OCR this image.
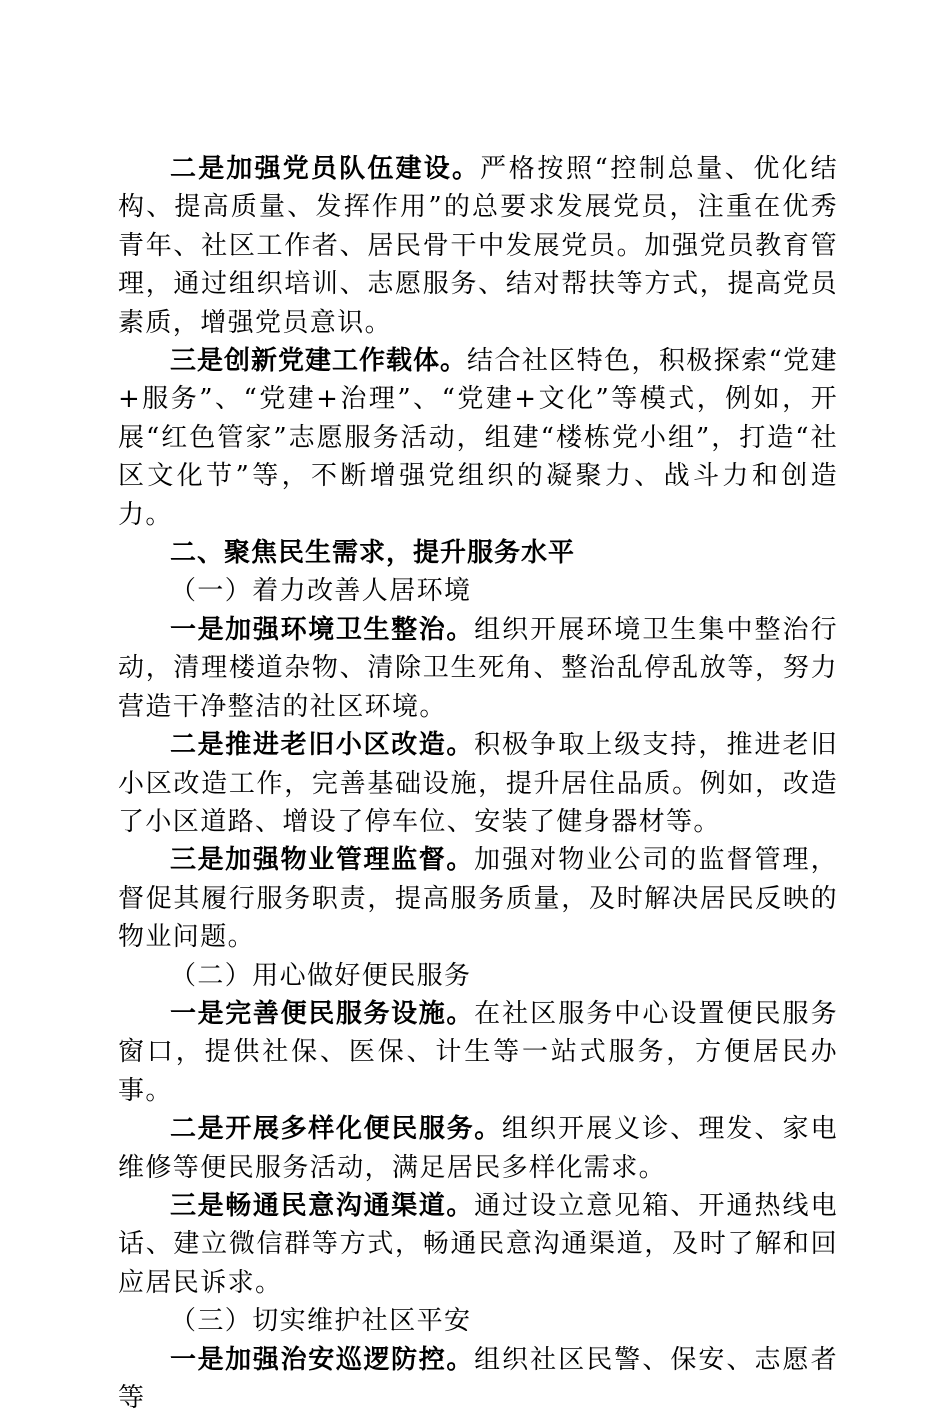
二是加强党员队伍建设。严格按照“控制总量、优化结构、提高质量、发挥作用”的总要求发展党员，注重在优秀青年、社区工作者、居民骨干中发展党员。加强党员教育管理，通过组织培训、志愿服务、结对帮扶等方式，提高党员素质，增强党员意识。

三是创新党建工作载体。结合社区特色，积极探索“党建+服务”、“党建+治理”、“党建+文化”等模式，例如，开展“红色管家”志愿服务活动，组建“楼栋党小组”，打造“社区文化节”等，不断增强党组织的凝聚力、战斗力和创造力。

二、聚焦民生需求，提升服务水平

（一）着力改善人居环境

一是加强环境卫生整治。组织开展环境卫生集中整治行动，清理楼道杂物、清除卫生死角、整治乱停乱放等，努力营造干净整洁的社区环境。

二是推进老旧小区改造。积极争取上级支持，推进老旧小区改造工作，完善基础设施，提升居住品质。例如，改造了小区道路、增设了停车位、安装了健身器材等。

三是加强物业管理监督。加强对物业公司的监督管理，督促其履行服务职责，提高服务质量，及时解决居民反映的物业问题。

（二）用心做好便民服务

一是完善便民服务设施。在社区服务中心设置便民服务窗口，提供社保、医保、计生等一站式服务，方便居民办事。

二是开展多样化便民服务。组织开展义诊、理发、家电维修等便民服务活动，满足居民多样化需求。

三是畅通民意沟通渠道。通过设立意见箱、开通热线电话、建立微信群等方式，畅通民意沟通渠道，及时了解和回应居民诉求。

（三）切实维护社区平安

一是加强治安巡逻防控。组织社区民警、保安、志愿者等
